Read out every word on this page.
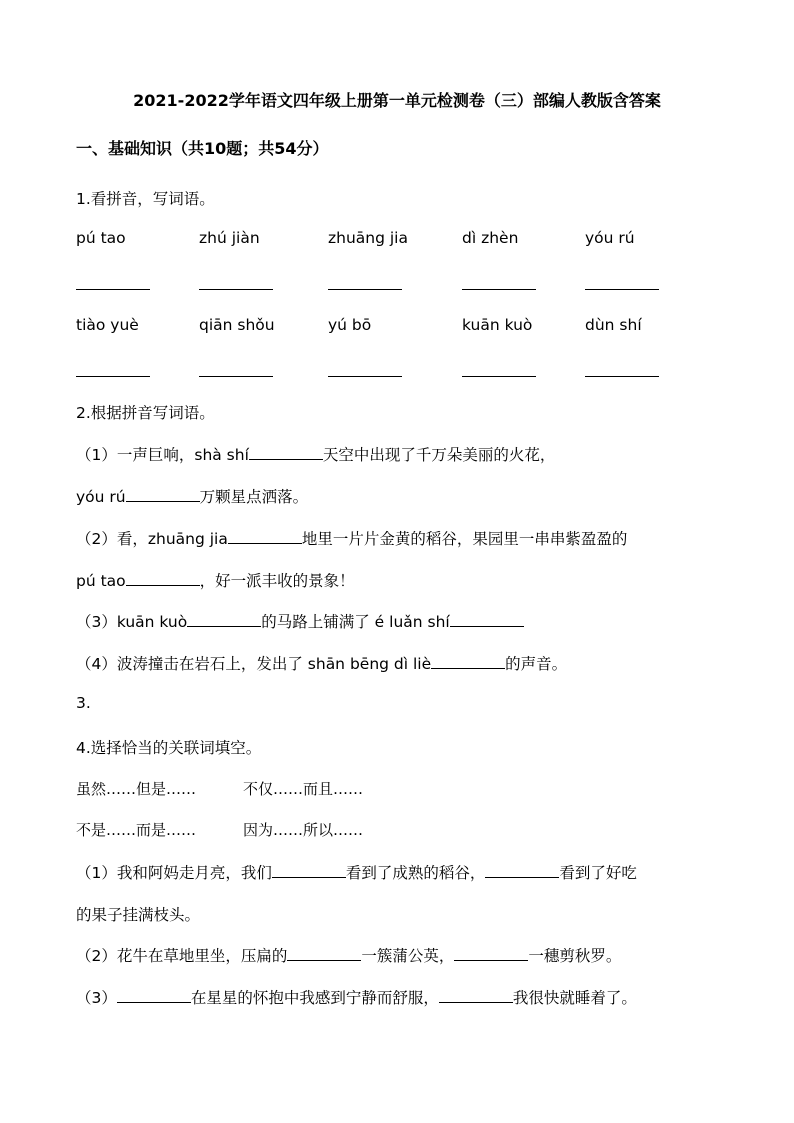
2021-2022学年语文四年级上册第一单元检测卷（三）部编人教版含答案
一、基础知识（共10题；共54分）
1.看拼音，写词语。
pú tao	zhú jiàn	zhuāng jia	dì zhèn	yóu rú
tiào yuè	qiān shǒu	yú bō	kuān kuò	dùn shí
2.根据拼音写词语。
（1）一声巨响，shà shí	天空中出现了千万朵美丽的火花，
yóu rú	万颗星点洒落。
（2）看，zhuāng jia	地里一片片金黄的稻谷，果园里一串串紫盈盈的
pú tao	，好一派丰收的景象！
（3）kuān kuò	的马路上铺满了 é luǎn shí
（4）波涛撞击在岩石上，发出了 shān bēng dì liè	的声音。
3.
4.选择恰当的关联词填空。
虽然……但是……	不仅……而且……
不是……而是……	因为……所以……
（1）我和阿妈走月亮，我们	看到了成熟的稻谷，	看到了好吃
的果子挂满枝头。
（2）花牛在草地里坐，压扁的	一簇蒲公英，	一穗剪秋罗。
（3）	在星星的怀抱中我感到宁静而舒服，	我很快就睡着了。
